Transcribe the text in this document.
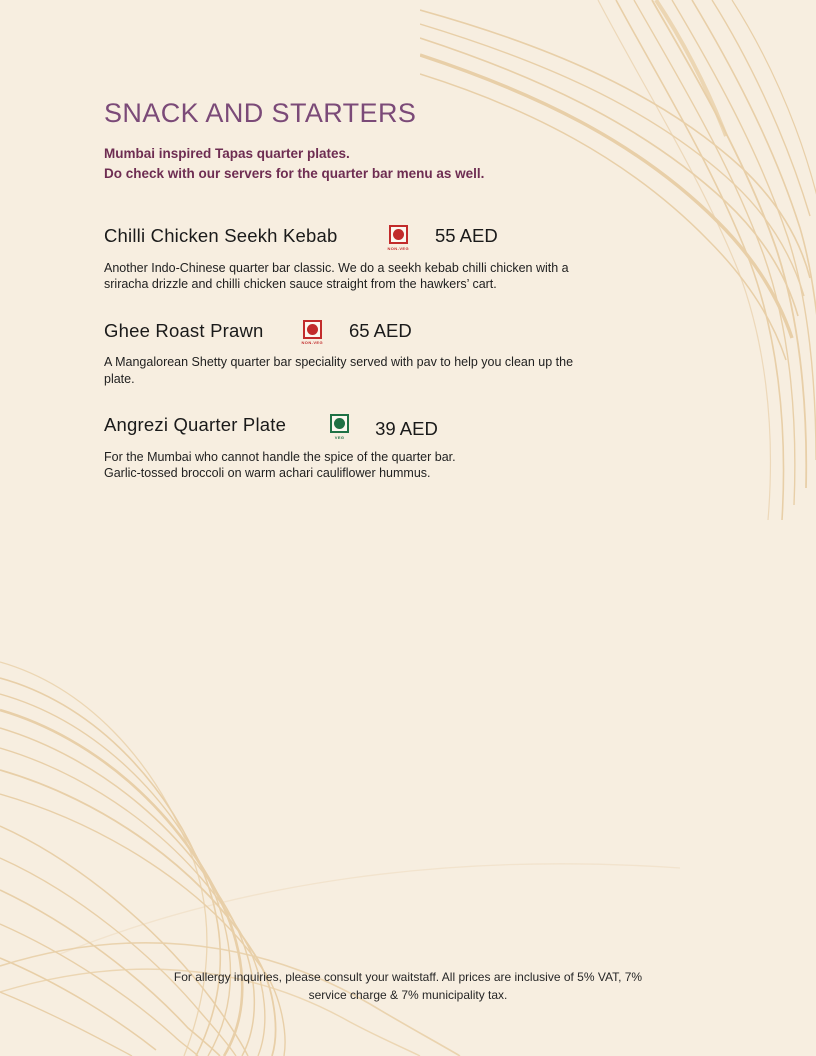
SNACK AND STARTERS

Mumbai inspired Tapas quarter plates.

Do check with our servers for the quarter bar menu as well.

Chilli Chicken Seekh Kebab
NON-VEG
55 AED

Another Indo-Chinese quarter bar classic. We do a seekh kebab chilli chicken with a
sriracha drizzle and chilli chicken sauce straight from the hawkers’ cart.

Ghee Roast Prawn
NON-VEG
65 AED

A Mangalorean Shetty quarter bar speciality served with pav to help you clean up the
plate.

Angrezi Quarter Plate
VEG 39 AED

For the Mumbai who cannot handle the spice of the quarter bar.
Garlic-tossed broccoli on warm achari cauliflower hummus.

For allergy inquiries, please consult your waitstaff. All prices are inclusive of 5% VAT, 7%

service charge & 7% municipality tax.
